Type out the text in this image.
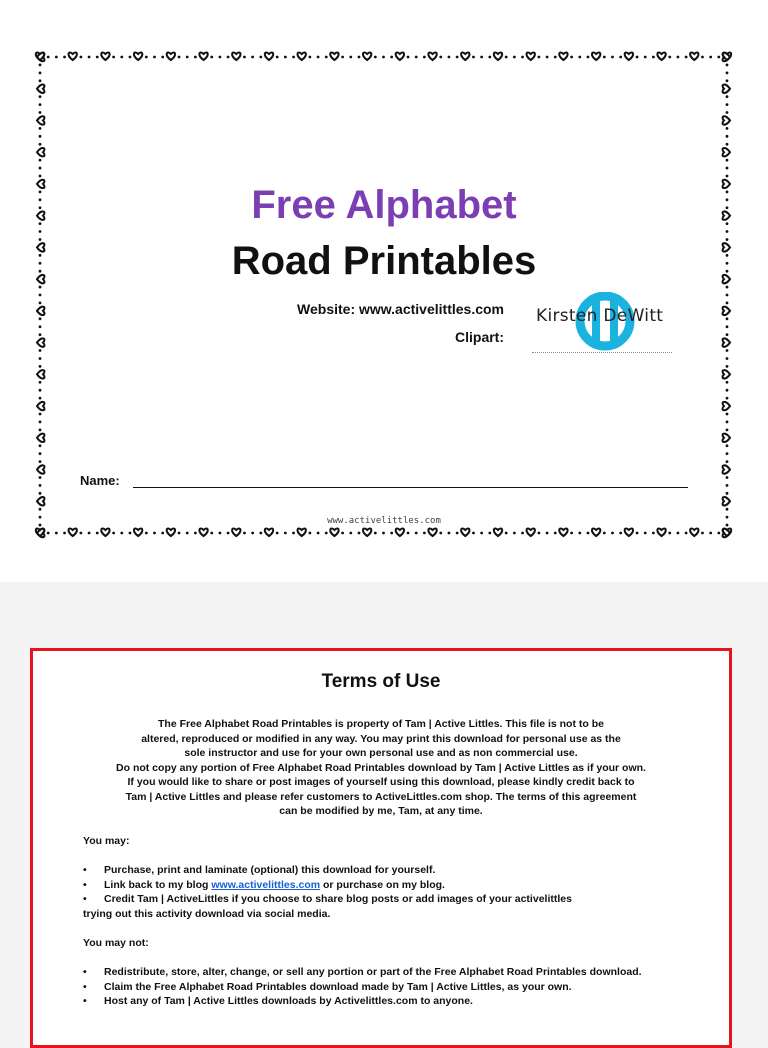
Free Alphabet
Road Printables
Website: www.activelittles.com
Clipart:
Kirsten DeWitt
Name:
www.activelittles.com
Terms of Use
The Free Alphabet Road Printables is property of Tam | Active Littles. This file is not to be
altered, reproduced or modified in any way. You may print this download for personal use as the
sole instructor and use for your own personal use and as non commercial use.
Do not copy any portion of Free Alphabet Road Printables download by Tam | Active Littles as if your own.
If you would like to share or post images of yourself using this download, please kindly credit back to
Tam | Active Littles and please refer customers to ActiveLittles.com shop. The terms of this agreement
can be modified by me, Tam, at any time.
You may:
• Purchase, print and laminate (optional) this download for yourself.
• Link back to my blog www.activelittles.com or purchase on my blog.
• Credit Tam | ActiveLittles if you choose to share blog posts or add images of your activelittles
trying out this activity download via social media.
You may not:
• Redistribute, store, alter, change, or sell any portion or part of the Free Alphabet Road Printables download.
• Claim the Free Alphabet Road Printables download made by Tam | Active Littles, as your own.
• Host any of Tam | Active Littles downloads by Activelittles.com to anyone.
